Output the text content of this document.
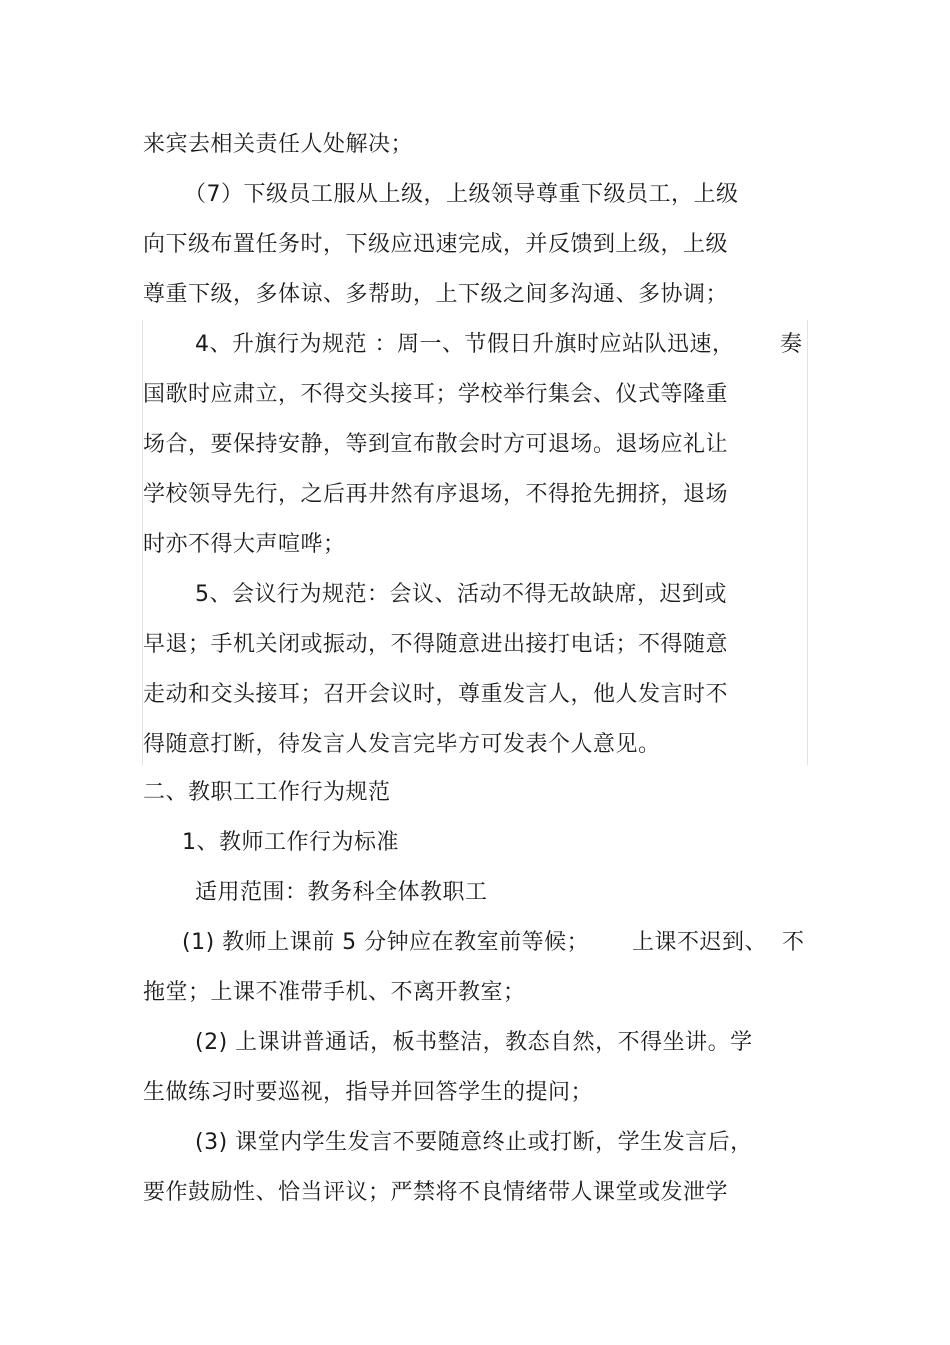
来宾去相关责任人处解决；

（7）下级员工服从上级，上级领导尊重下级员工，上级

向下级布置任务时，下级应迅速完成，并反馈到上级，上级

尊重下级，多体谅、多帮助，上下级之间多沟通、多协调；

4、升旗行为规范 ：周一、节假日升旗时应站队迅速， 奏

国歌时应肃立，不得交头接耳；学校举行集会、仪式等隆重

场合，要保持安静，等到宣布散会时方可退场。退场应礼让

学校领导先行，之后再井然有序退场，不得抢先拥挤，退场

时亦不得大声喧哗；

5、会议行为规范：会议、活动不得无故缺席，迟到或

早退；手机关闭或振动，不得随意进出接打电话；不得随意

走动和交头接耳；召开会议时，尊重发言人，他人发言时不

得随意打断，待发言人发言完毕方可发表个人意见。

二、教职工工作行为规范

1、教师工作行为标准

适用范围：教务科全体教职工

(1) 教师上课前 5 分钟应在教室前等候； 上课不迟到、 不

拖堂；上课不准带手机、不离开教室；

(2) 上课讲普通话，板书整洁，教态自然，不得坐讲。学

生做练习时要巡视，指导并回答学生的提问；

(3) 课堂内学生发言不要随意终止或打断，学生发言后，

要作鼓励性、恰当评议；严禁将不良情绪带人课堂或发泄学
